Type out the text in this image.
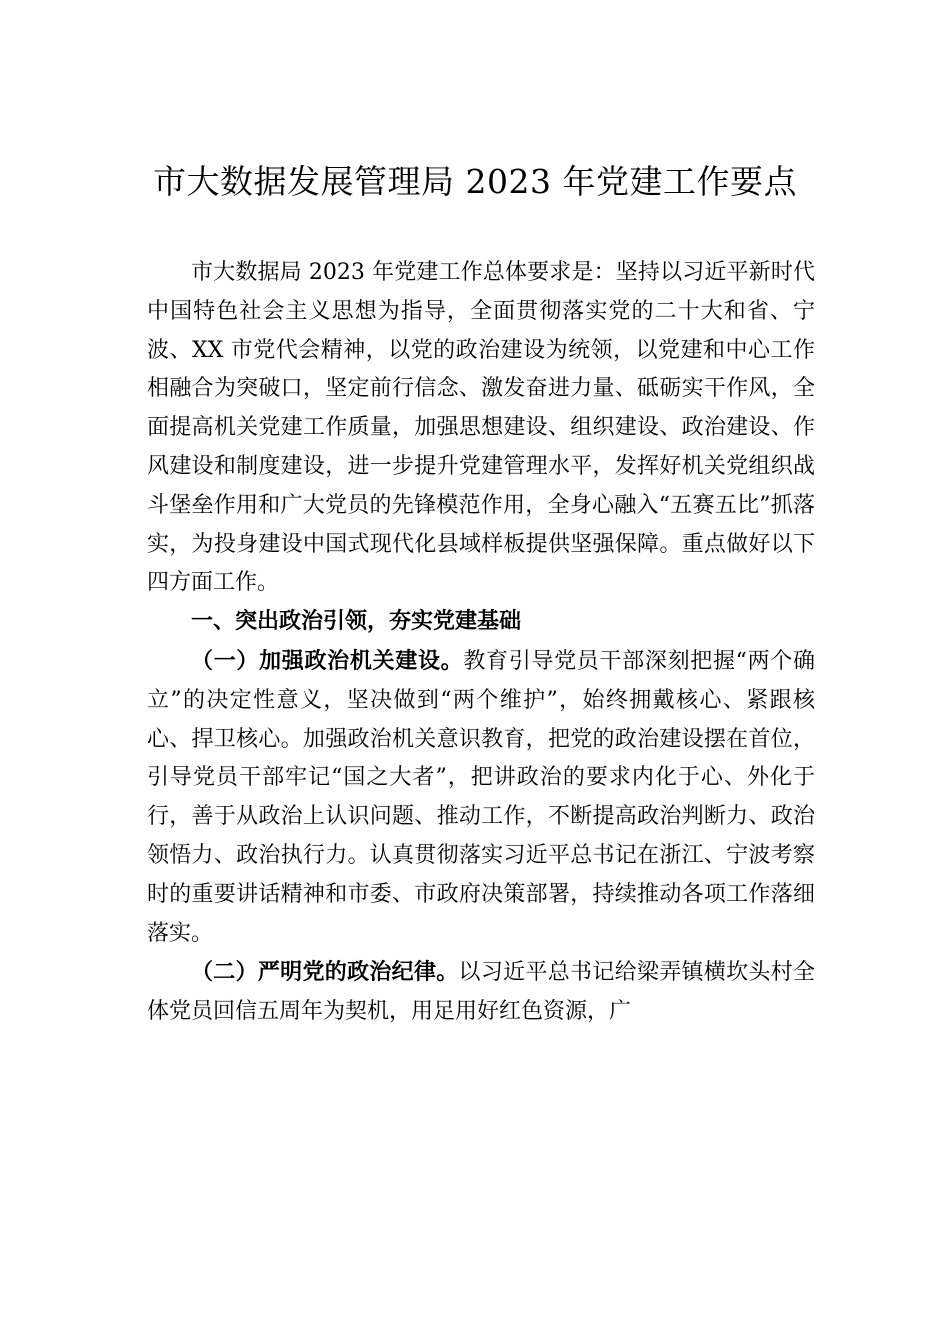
市大数据发展管理局 2023 年党建工作要点

市大数据局 2023 年党建工作总体要求是：坚持以习近平新时代中国特色社会主义思想为指导，全面贯彻落实党的二十大和省、宁波、XX 市党代会精神，以党的政治建设为统领，以党建和中心工作相融合为突破口，坚定前行信念、激发奋进力量、砥砺实干作风，全面提高机关党建工作质量，加强思想建设、组织建设、政治建设、作风建设和制度建设，进一步提升党建管理水平，发挥好机关党组织战斗堡垒作用和广大党员的先锋模范作用，全身心融入“五赛五比”抓落实，为投身建设中国式现代化县域样板提供坚强保障。重点做好以下四方面工作。

一、突出政治引领，夯实党建基础

（一）加强政治机关建设。教育引导党员干部深刻把握“两个确立”的决定性意义，坚决做到“两个维护”，始终拥戴核心、紧跟核心、捍卫核心。加强政治机关意识教育，把党的政治建设摆在首位，引导党员干部牢记“国之大者”，把讲政治的要求内化于心、外化于行，善于从政治上认识问题、推动工作，不断提高政治判断力、政治领悟力、政治执行力。认真贯彻落实习近平总书记在浙江、宁波考察时的重要讲话精神和市委、市政府决策部署，持续推动各项工作落细落实。

（二）严明党的政治纪律。以习近平总书记给梁弄镇横坎头村全体党员回信五周年为契机，用足用好红色资源，广
